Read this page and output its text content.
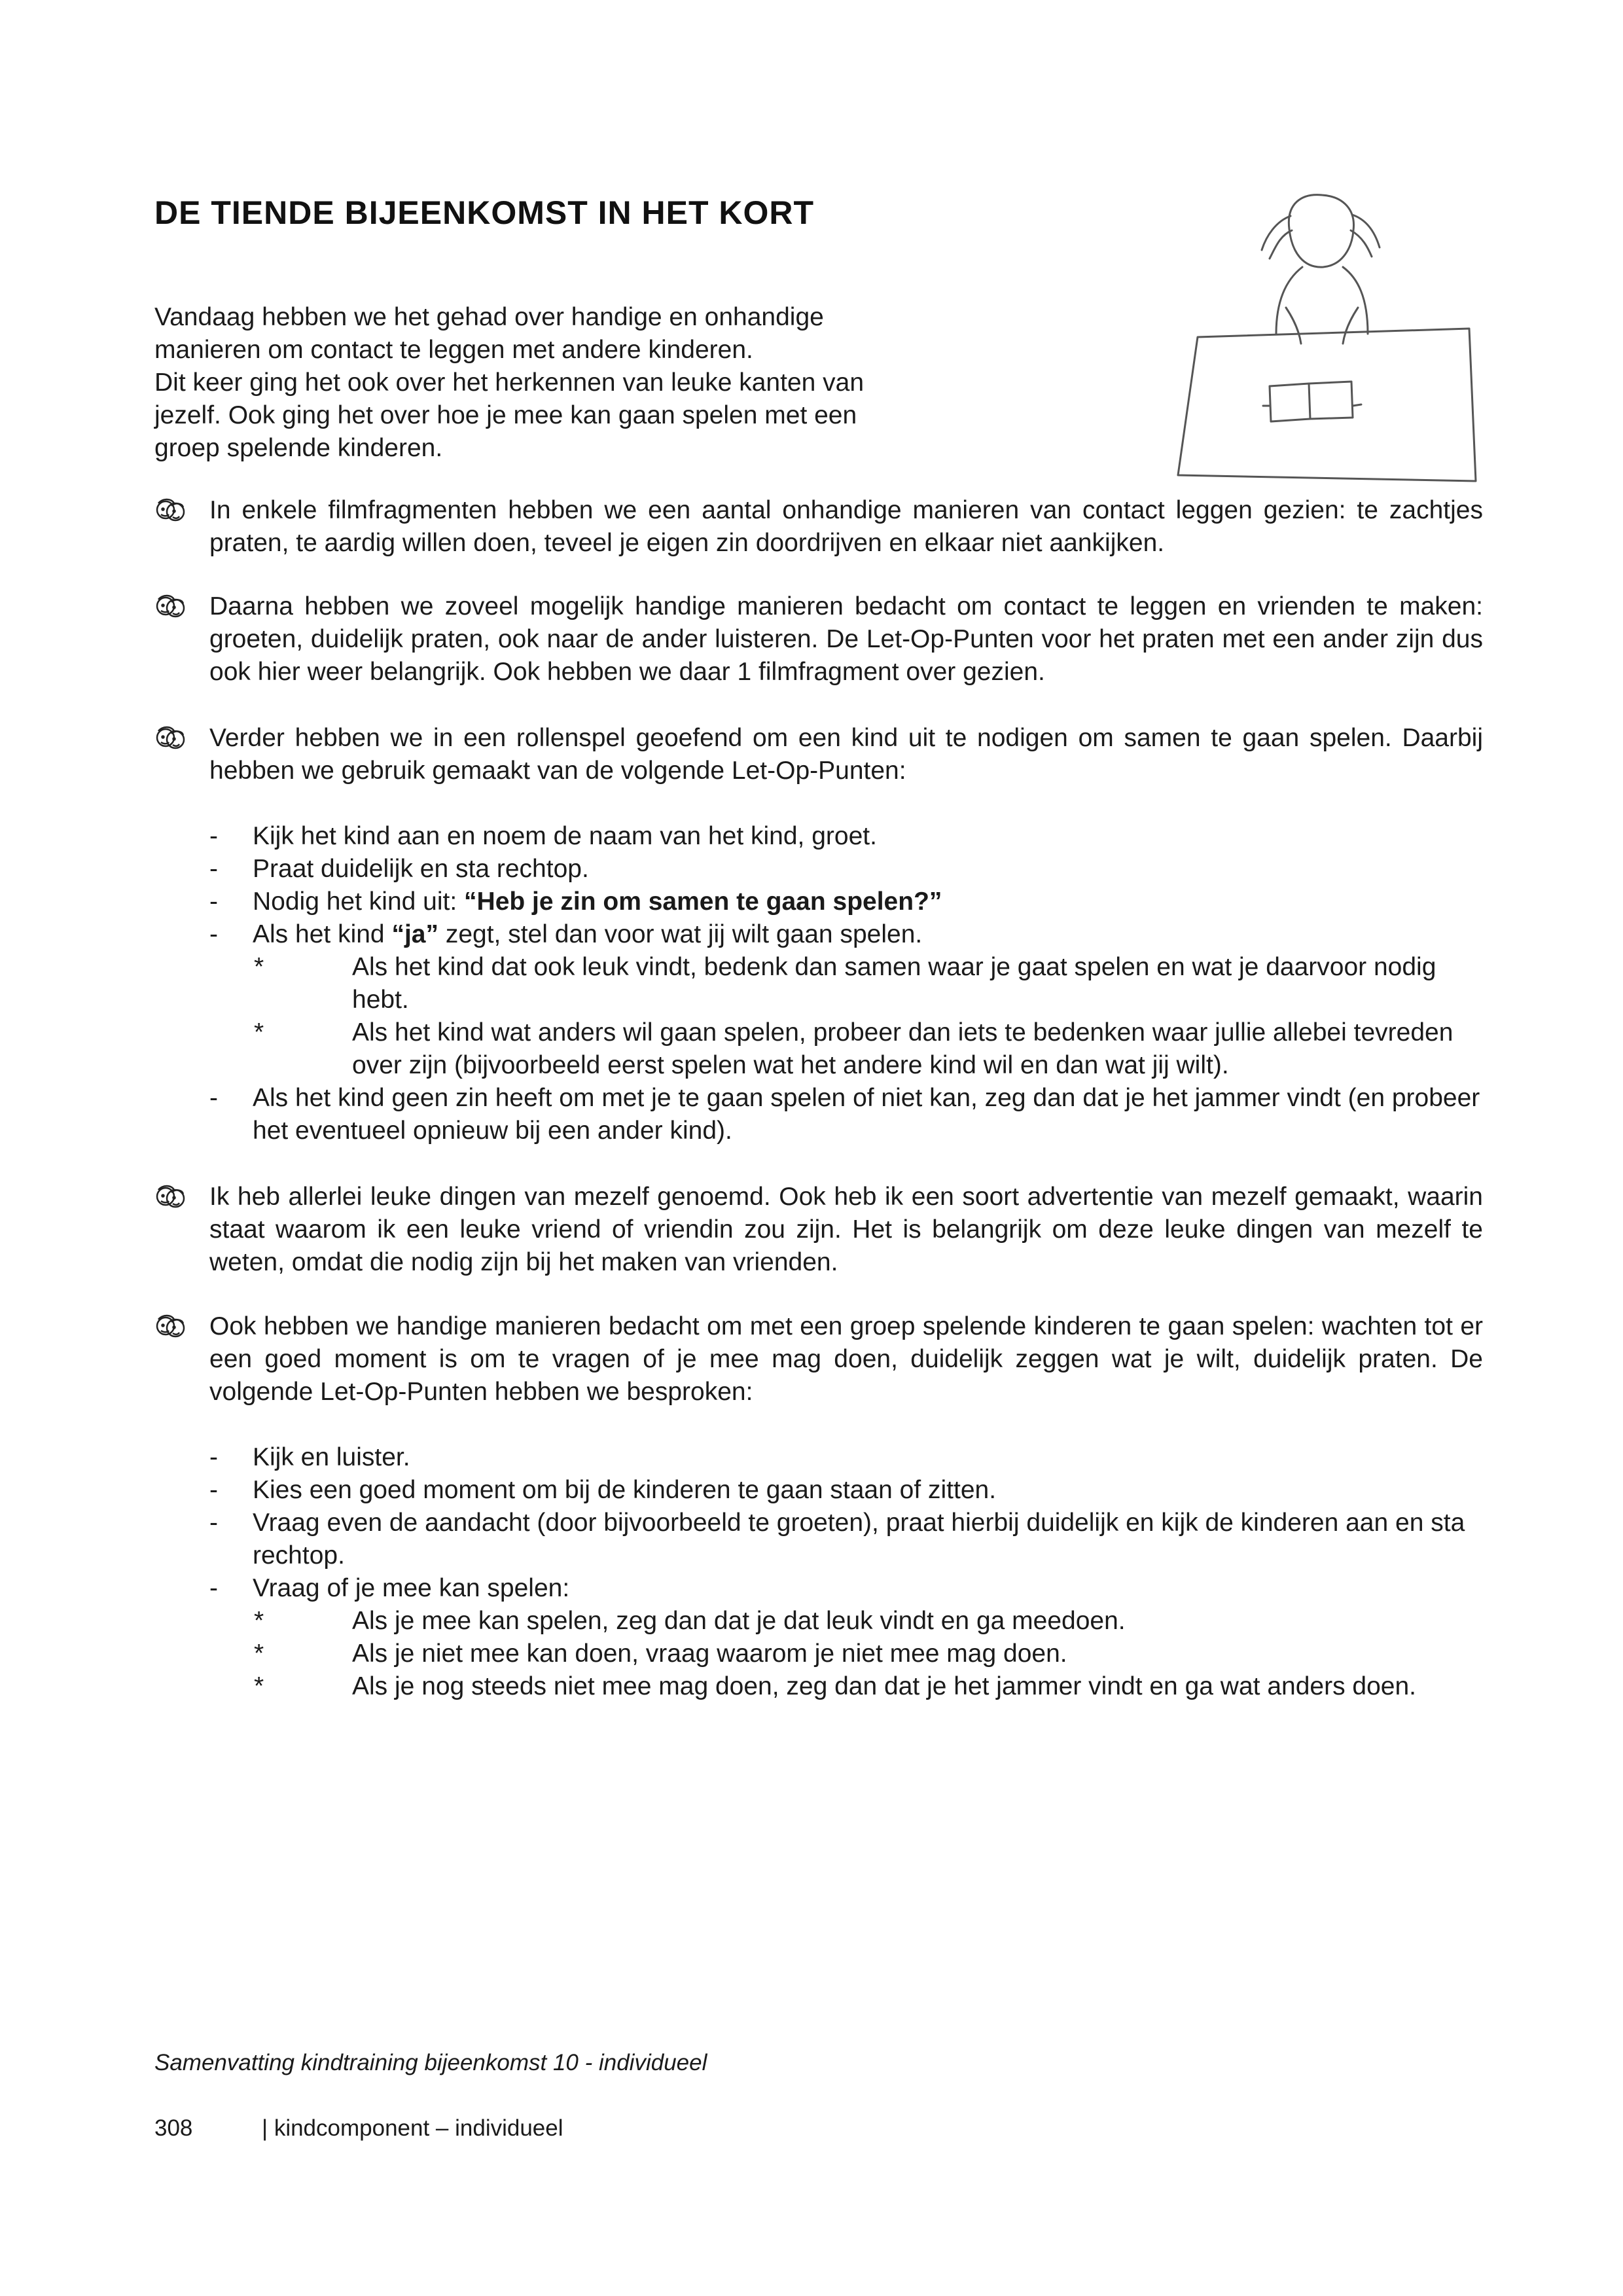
DE TIENDE BIJEENKOMST IN HET KORT

Vandaag hebben we het gehad over handige en onhandige

manieren om contact te leggen met andere kinderen.

Dit keer ging het ook over het herkennen van leuke kanten van

jezelf. Ook ging het over hoe je mee kan gaan spelen met een

groep spelende kinderen.

In enkele filmfragmenten hebben we een aantal onhandige manieren van contact leggen gezien: te zachtjes praten, te aardig willen doen, teveel je eigen zin doordrijven en elkaar niet aankijken.

Daarna hebben we zoveel mogelijk handige manieren bedacht om contact te leggen en vrienden te maken: groeten, duidelijk praten, ook naar de ander luisteren. De Let-Op-Punten voor het praten met een ander zijn dus ook hier weer belangrijk. Ook hebben we daar 1 filmfragment over gezien.

Verder hebben we in een rollenspel geoefend om een kind uit te nodigen om samen te gaan spelen. Daarbij hebben we gebruik gemaakt van de volgende Let-Op-Punten:

- Kijk het kind aan en noem de naam van het kind, groet.
- Praat duidelijk en sta rechtop.
- Nodig het kind uit: “Heb je zin om samen te gaan spelen?”
- Als het kind “ja” zegt, stel dan voor wat jij wilt gaan spelen.
* Als het kind dat ook leuk vindt, bedenk dan samen waar je gaat spelen en wat je daarvoor nodig hebt.
* Als het kind wat anders wil gaan spelen, probeer dan iets te bedenken waar jullie allebei tevreden over zijn (bijvoorbeeld eerst spelen wat het andere kind wil en dan wat jij wilt).
- Als het kind geen zin heeft om met je te gaan spelen of niet kan, zeg dan dat je het jammer vindt (en probeer het eventueel opnieuw bij een ander kind).

Ik heb allerlei leuke dingen van mezelf genoemd. Ook heb ik een soort advertentie van mezelf gemaakt, waarin staat waarom ik een leuke vriend of vriendin zou zijn. Het is belangrijk om deze leuke dingen van mezelf te weten, omdat die nodig zijn bij het maken van vrienden.

Ook hebben we handige manieren bedacht om met een groep spelende kinderen te gaan spelen: wachten tot er een goed moment is om te vragen of je mee mag doen, duidelijk zeggen wat je wilt, duidelijk praten. De volgende Let-Op-Punten hebben we besproken:

- Kijk en luister.
- Kies een goed moment om bij de kinderen te gaan staan of zitten.
- Vraag even de aandacht (door bijvoorbeeld te groeten), praat hierbij duidelijk en kijk de kinderen aan en sta rechtop.
- Vraag of je mee kan spelen:
* Als je mee kan spelen, zeg dan dat je dat leuk vindt en ga meedoen.
* Als je niet mee kan doen, vraag waarom je niet mee mag doen.
* Als je nog steeds niet mee mag doen, zeg dan dat je het jammer vindt en ga wat anders doen.

Samenvatting kindtraining bijeenkomst 10 - individueel

308	| kindcomponent – individueel
